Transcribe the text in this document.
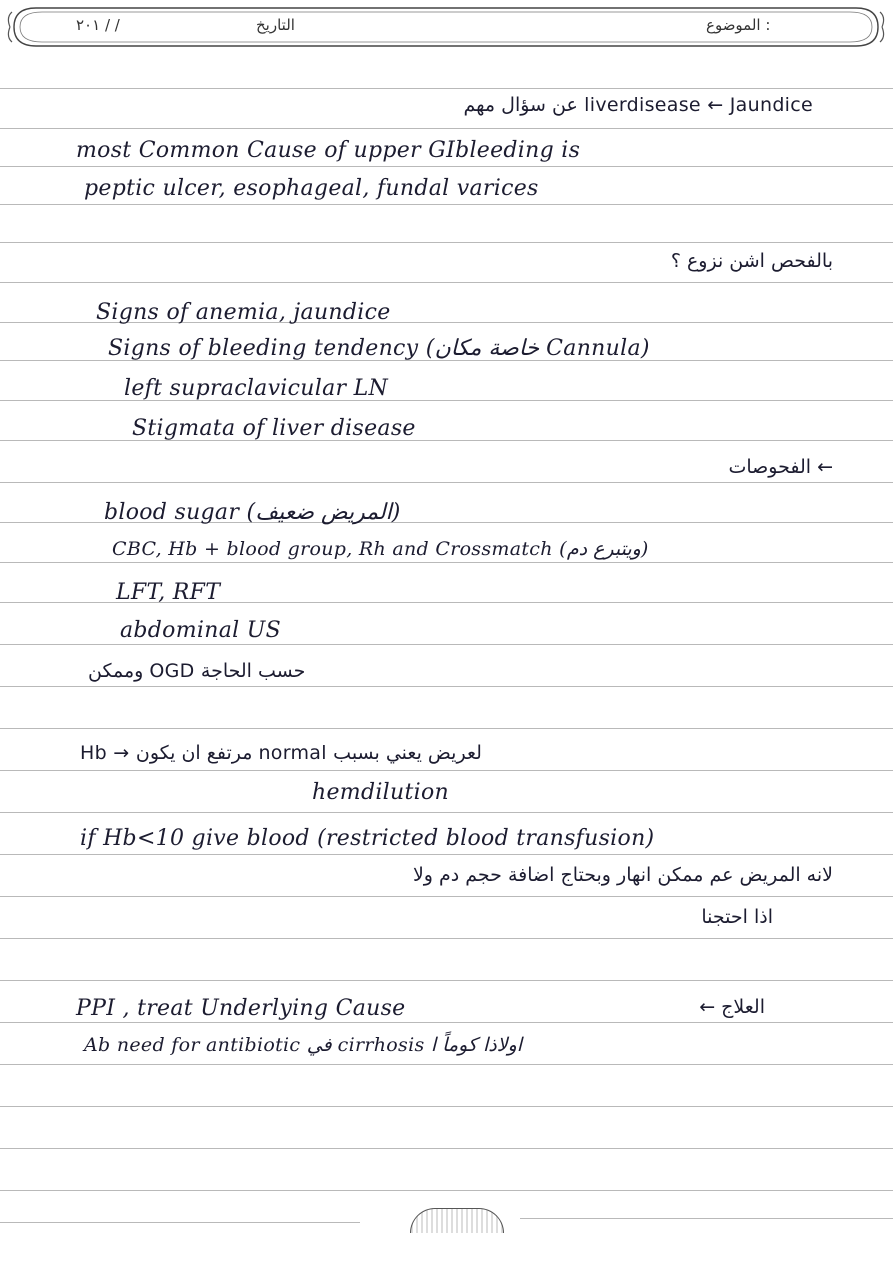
٢٠١ / /	التاريخ	الموضوع :
liverdisease ← Jaundice عن سؤال مهم
most Common Cause of upper GIbleeding is
peptic ulcer, esophageal, fundal varices
بالفحص اشن نزوع ؟
Signs of anemia, jaundice
Signs of bleeding tendency (خاصة مكان Cannula)
left supraclavicular LN
Stigmata of liver disease
← الفحوصات
blood sugar (المريض ضعيف)
CBC, Hb + blood group, Rh and Crossmatch (ويتبرع دم)
LFT, RFT
abdominal US
وممكن OGD حسب الحاجة
Hb → مرتفع ان يكون normal لعريض يعني بسبب
hemdilution
if Hb<10 give blood (restricted blood transfusion)
لانه المريض عم ممكن انهار وبحتاج اضافة حجم دم ولا
اذا احتجنا
العلاج ←
PPI , treat Underlying Cause
Ab need for antibiotic في cirrhosis اولاذا كوماً ا
